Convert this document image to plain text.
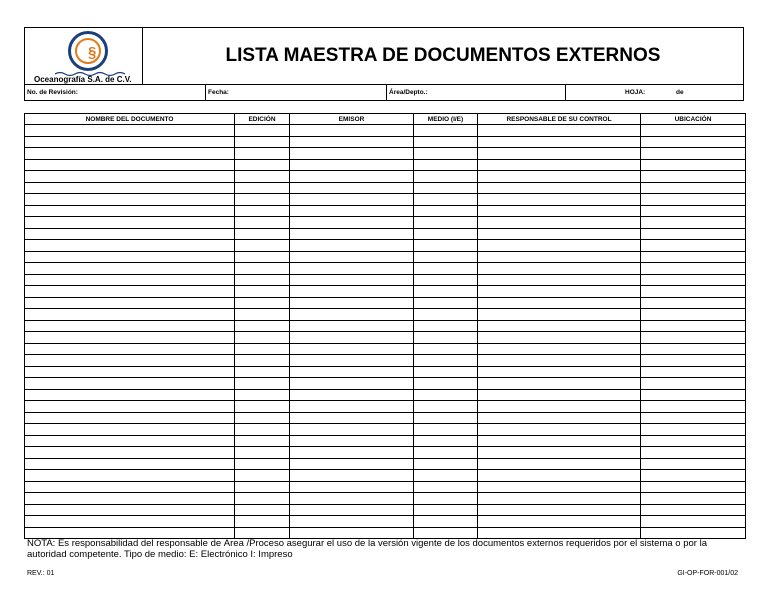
§
Oceanografía S.A. de C.V.
LISTA MAESTRA DE DOCUMENTOS EXTERNOS
No. de Revisión:	Fecha:	Área/Depto.:	HOJA:	de
NOMBRE DEL DOCUMENTO	EDICIÓN	EMISOR	MEDIO (I/E)	RESPONSABLE DE SU CONTROL	UBICACIÓN

NOTA: Es responsabilidad del responsable de Área /Proceso asegurar el uso de la versión vigente de los documentos externos requeridos por el sistema o por la autoridad competente. Tipo de medio: E: Electrónico I: Impreso
REV.: 01	GI-OP-FOR-001/02
